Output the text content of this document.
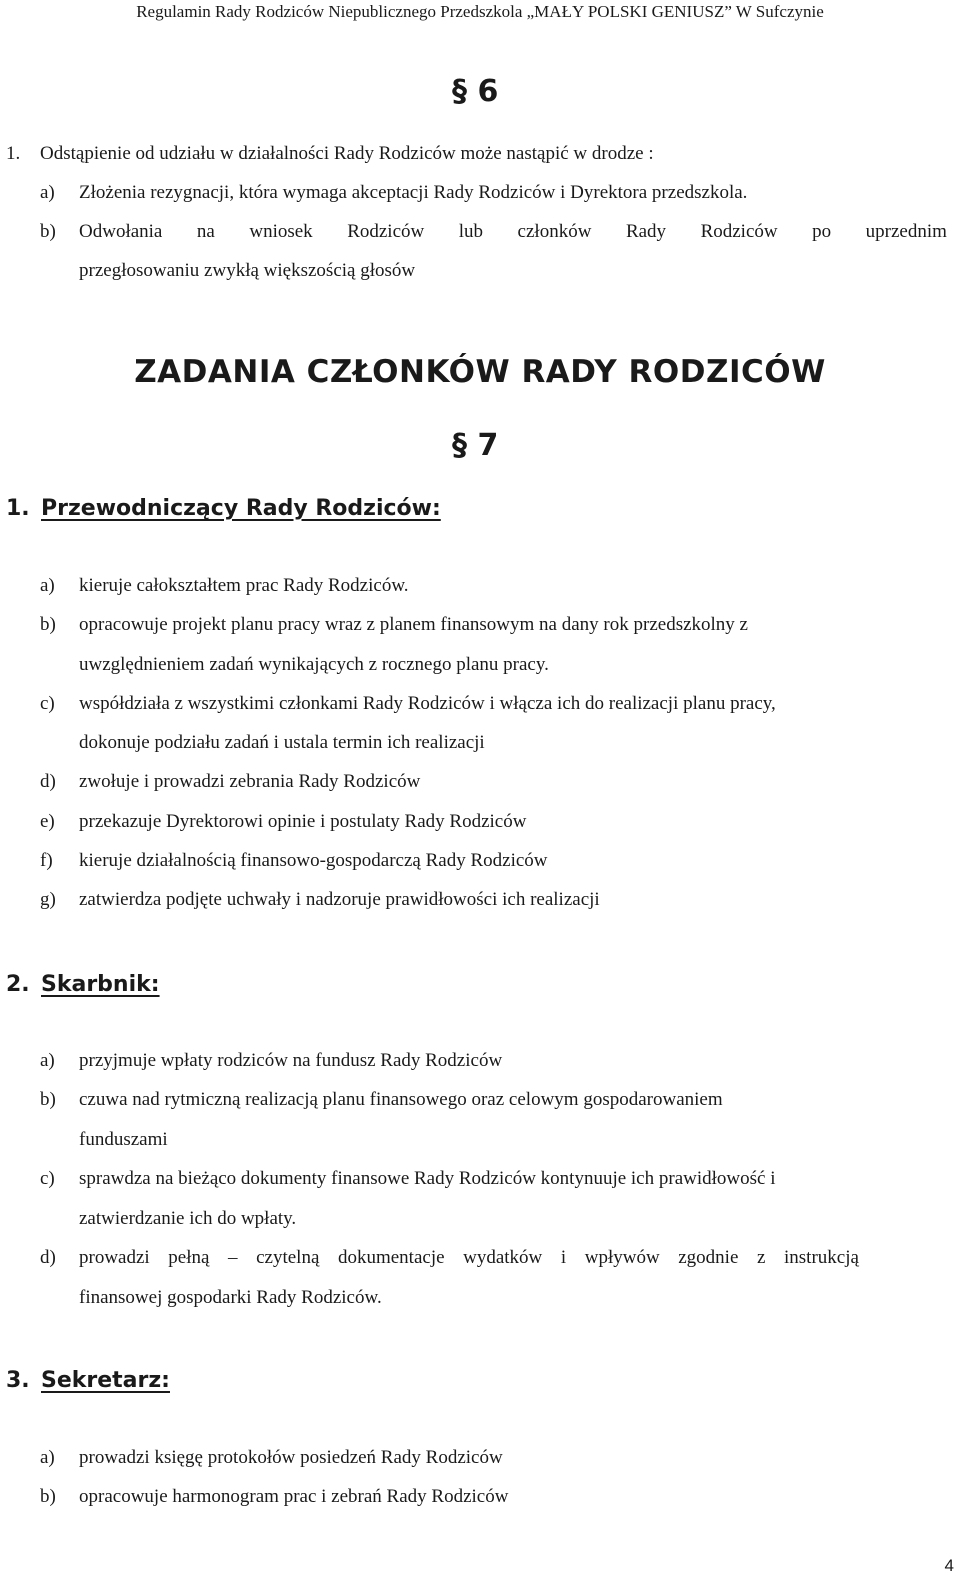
Regulamin Rady Rodziców Niepublicznego Przedszkola „MAŁY POLSKI GENIUSZ” W Sufczynie
§ 6
1. Odstąpienie od udziału w działalności Rady Rodziców może nastąpić w drodze :
a) Złożenia rezygnacji, która wymaga akceptacji Rady Rodziców i Dyrektora przedszkola.
b) Odwołania na wniosek Rodziców lub członków Rady Rodziców po uprzednim
przegłosowaniu zwykłą większością głosów
ZADANIA CZŁONKÓW RADY RODZICÓW
§ 7
1. Przewodniczący Rady Rodziców:
a) kieruje całokształtem prac Rady Rodziców.
b) opracowuje projekt planu pracy wraz z planem finansowym na dany rok przedszkolny z
uwzględnieniem zadań wynikających z rocznego planu pracy.
c) współdziała z wszystkimi członkami Rady Rodziców i włącza ich do realizacji planu pracy,
dokonuje podziału zadań i ustala termin ich realizacji
d) zwołuje i prowadzi zebrania Rady Rodziców
e) przekazuje Dyrektorowi opinie i postulaty Rady Rodziców
f) kieruje działalnością finansowo-gospodarczą Rady Rodziców
g) zatwierdza podjęte uchwały i nadzoruje prawidłowości ich realizacji
2. Skarbnik:
a) przyjmuje wpłaty rodziców na fundusz Rady Rodziców
b) czuwa nad rytmiczną realizacją planu finansowego oraz celowym gospodarowaniem
funduszami
c) sprawdza na bieżąco dokumenty finansowe Rady Rodziców kontynuuje ich prawidłowość i
zatwierdzanie ich do wpłaty.
d) prowadzi pełną – czytelną dokumentacje wydatków i wpływów zgodnie z instrukcją
finansowej gospodarki Rady Rodziców.
3. Sekretarz:
a) prowadzi księgę protokołów posiedzeń Rady Rodziców
b) opracowuje harmonogram prac i zebrań Rady Rodziców
4
